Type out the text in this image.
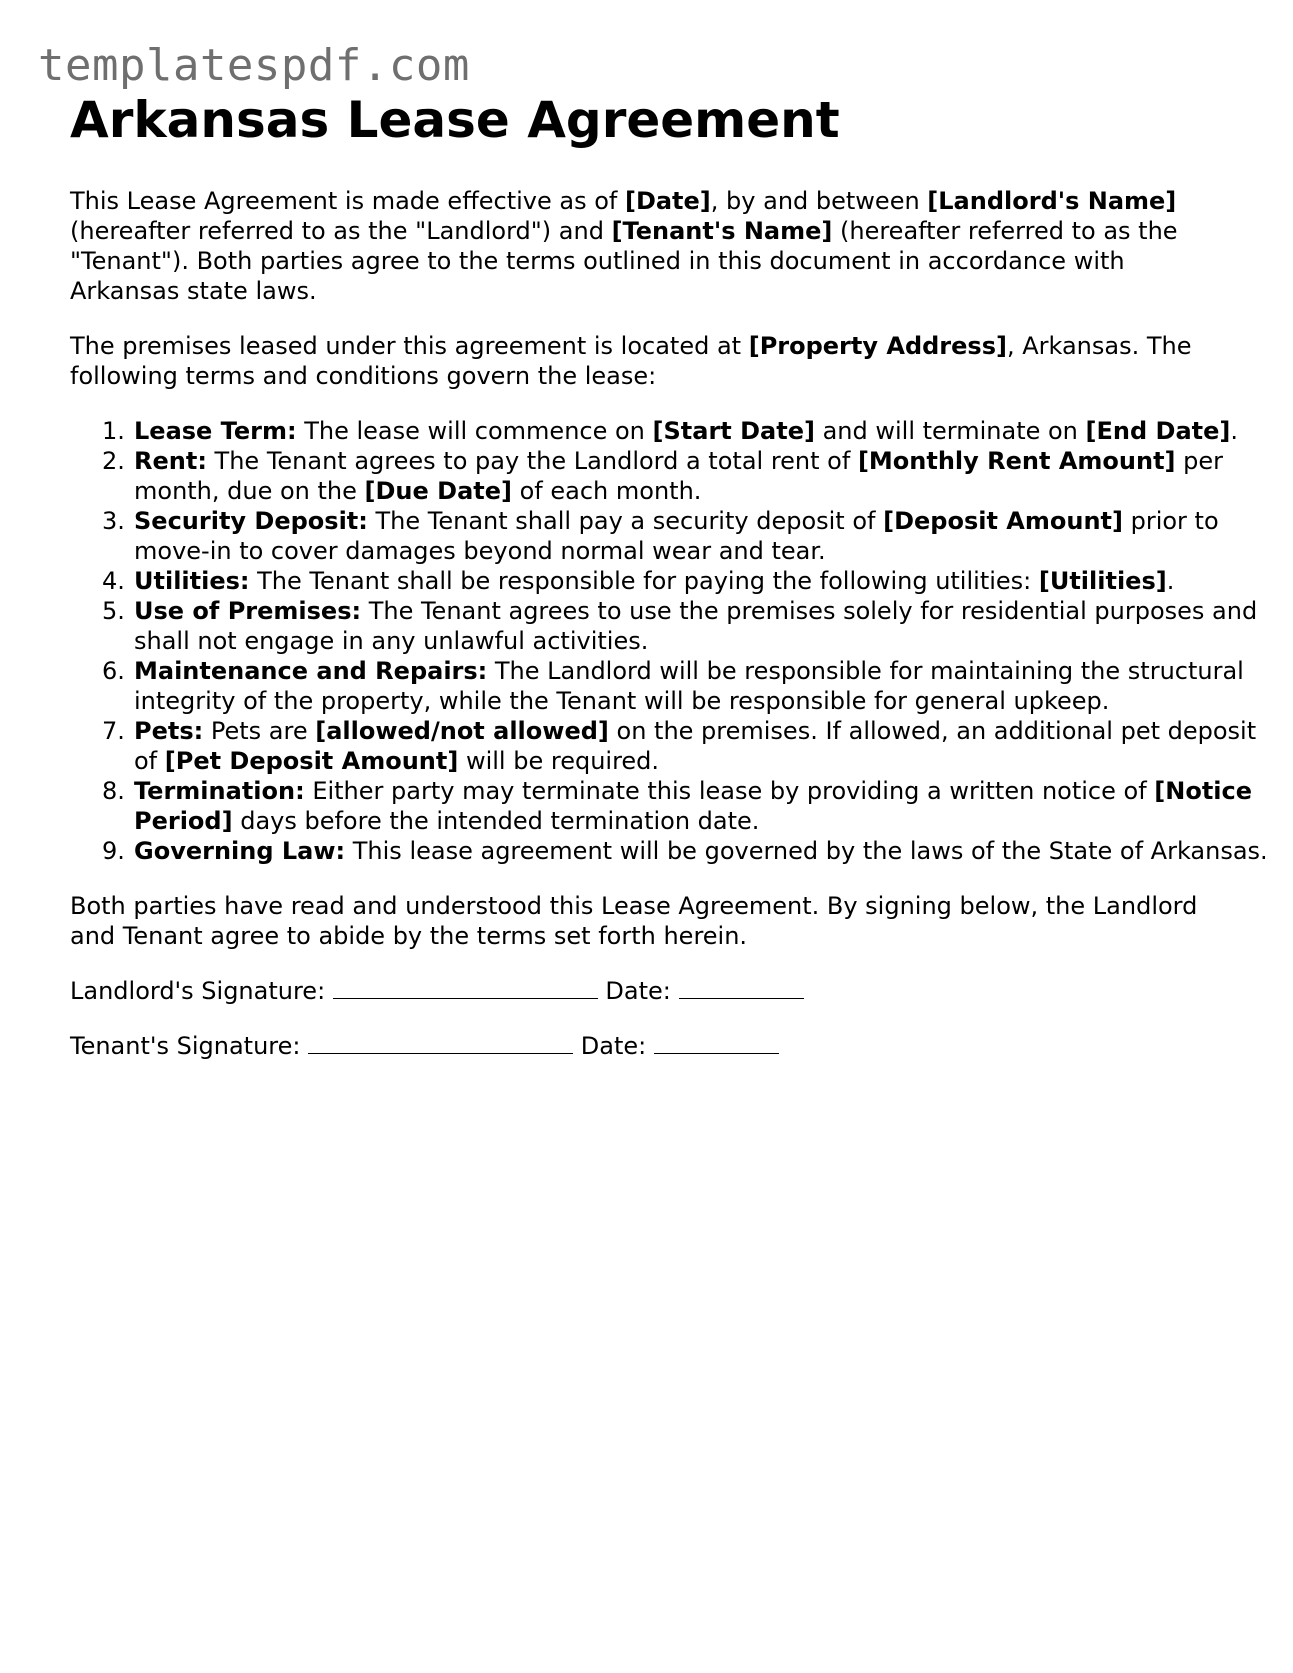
templatespdf.com
Arkansas Lease Agreement

This Lease Agreement is made effective as of [Date], by and between [Landlord's Name] (hereafter referred to as the "Landlord") and [Tenant's Name] (hereafter referred to as the "Tenant"). Both parties agree to the terms outlined in this document in accordance with Arkansas state laws.

The premises leased under this agreement is located at [Property Address], Arkansas. The following terms and conditions govern the lease:

1. Lease Term: The lease will commence on [Start Date] and will terminate on [End Date].
2. Rent: The Tenant agrees to pay the Landlord a total rent of [Monthly Rent Amount] per month, due on the [Due Date] of each month.
3. Security Deposit: The Tenant shall pay a security deposit of [Deposit Amount] prior to move-in to cover damages beyond normal wear and tear.
4. Utilities: The Tenant shall be responsible for paying the following utilities: [Utilities].
5. Use of Premises: The Tenant agrees to use the premises solely for residential purposes and shall not engage in any unlawful activities.
6. Maintenance and Repairs: The Landlord will be responsible for maintaining the structural integrity of the property, while the Tenant will be responsible for general upkeep.
7. Pets: Pets are [allowed/not allowed] on the premises. If allowed, an additional pet deposit of [Pet Deposit Amount] will be required.
8. Termination: Either party may terminate this lease by providing a written notice of [Notice Period] days before the intended termination date.
9. Governing Law: This lease agreement will be governed by the laws of the State of Arkansas.

Both parties have read and understood this Lease Agreement. By signing below, the Landlord and Tenant agree to abide by the terms set forth herein.

Landlord's Signature:	Date:
Tenant's Signature:	Date:
